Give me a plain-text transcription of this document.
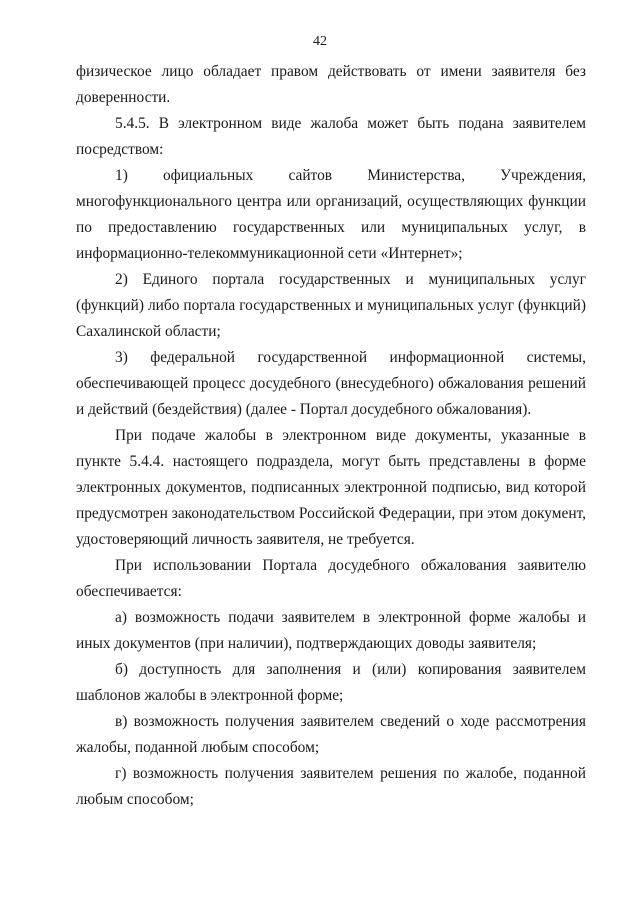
42

физическое лицо обладает правом действовать от имени заявителя без доверенности.

5.4.5. В электронном виде жалоба может быть подана заявителем посредством:

1) официальных сайтов Министерства, Учреждения, многофункционального центра или организаций, осуществляющих функции по предоставлению государственных или муниципальных услуг, в информационно-телекоммуникационной сети «Интернет»;

2) Единого портала государственных и муниципальных услуг (функций) либо портала государственных и муниципальных услуг (функций) Сахалинской области;

3) федеральной государственной информационной системы, обеспечивающей процесс досудебного (внесудебного) обжалования решений и действий (бездействия) (далее - Портал досудебного обжалования).

При подаче жалобы в электронном виде документы, указанные в пункте 5.4.4. настоящего подраздела, могут быть представлены в форме электронных документов, подписанных электронной подписью, вид которой предусмотрен законодательством Российской Федерации, при этом документ, удостоверяющий личность заявителя, не требуется.

При использовании Портала досудебного обжалования заявителю обеспечивается:

а) возможность подачи заявителем в электронной форме жалобы и иных документов (при наличии), подтверждающих доводы заявителя;

б) доступность для заполнения и (или) копирования заявителем шаблонов жалобы в электронной форме;

в) возможность получения заявителем сведений о ходе рассмотрения жалобы, поданной любым способом;

г) возможность получения заявителем решения по жалобе, поданной любым способом;
